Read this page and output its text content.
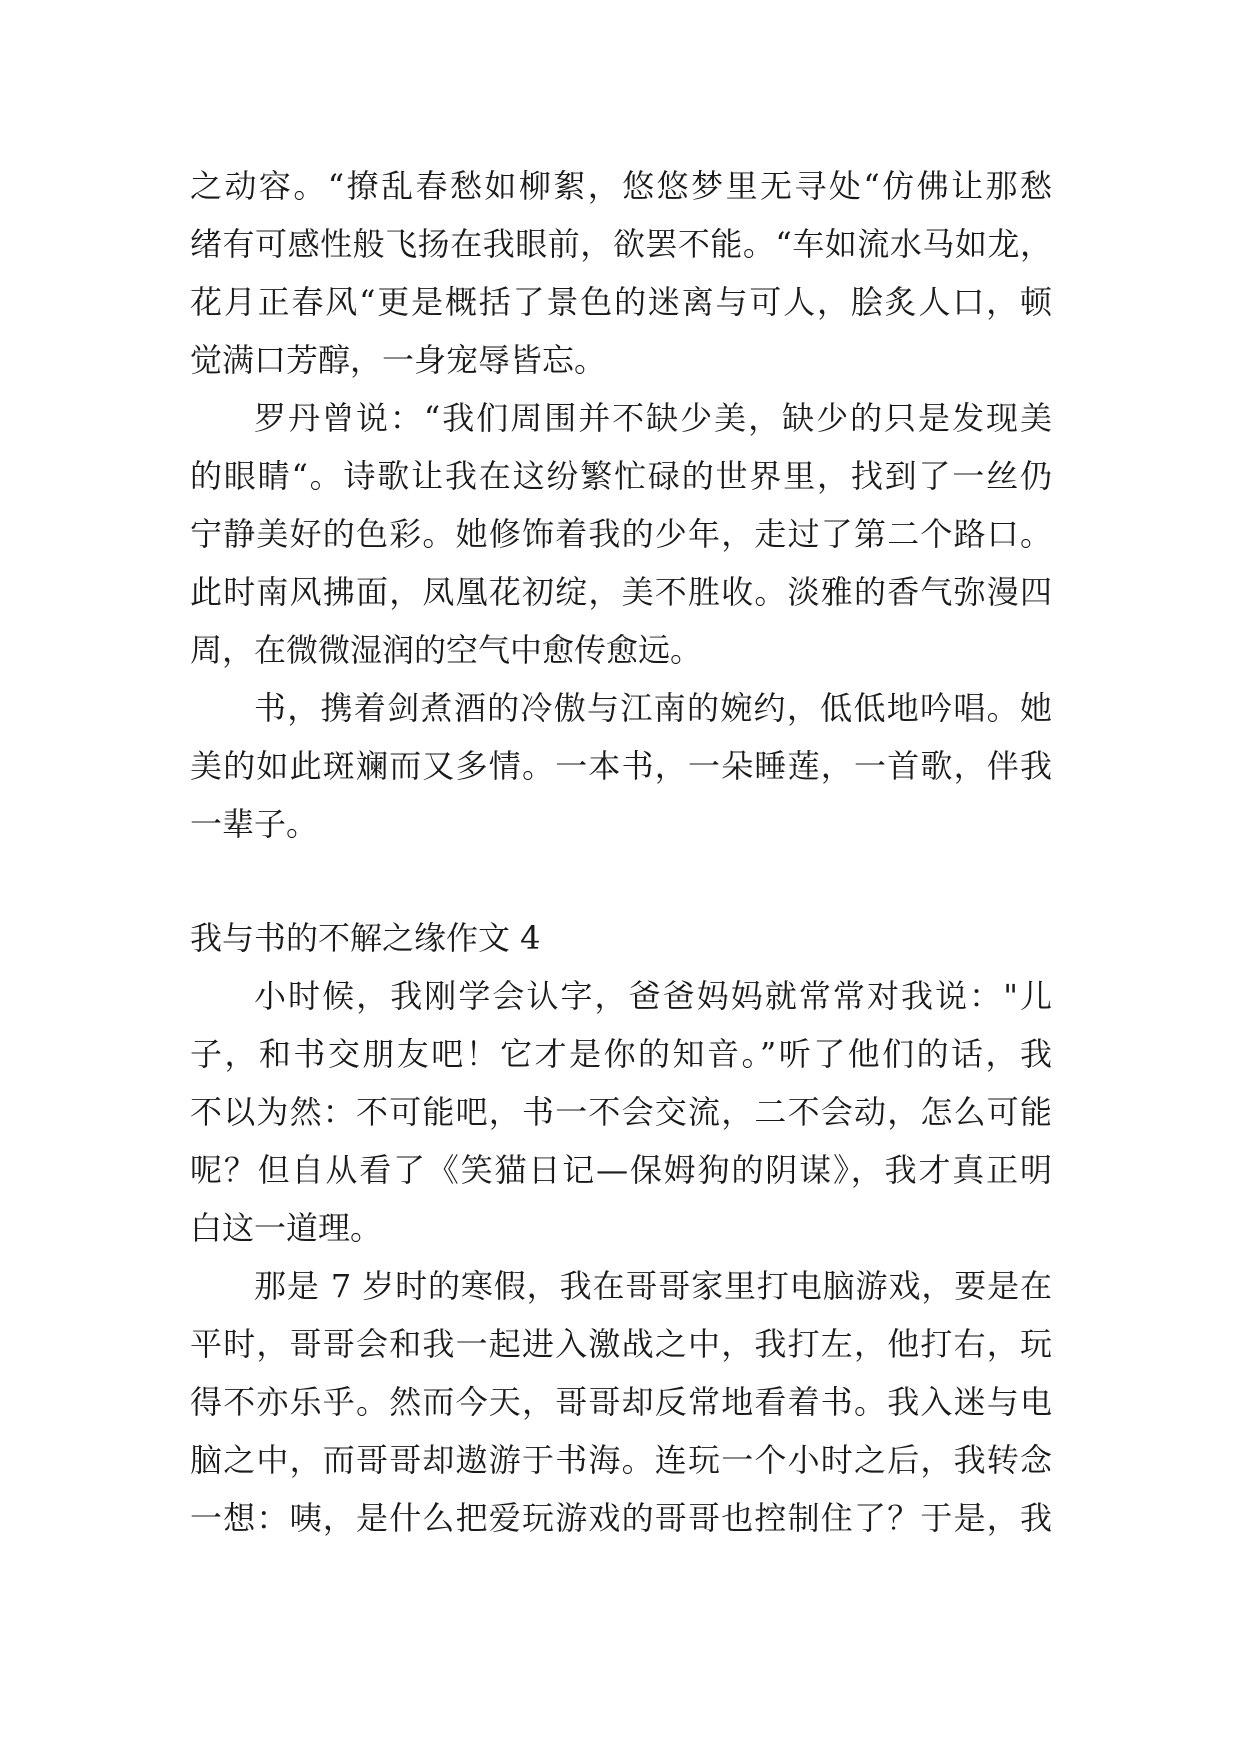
之动容。“撩乱春愁如柳絮，悠悠梦里无寻处“仿佛让那愁
绪有可感性般飞扬在我眼前，欲罢不能。“车如流水马如龙，
花月正春风“更是概括了景色的迷离与可人，脍炙人口，顿
觉满口芳醇，一身宠辱皆忘。
罗丹曾说：“我们周围并不缺少美，缺少的只是发现美
的眼睛“。诗歌让我在这纷繁忙碌的世界里，找到了一丝仍
宁静美好的色彩。她修饰着我的少年，走过了第二个路口。
此时南风拂面，凤凰花初绽，美不胜收。淡雅的香气弥漫四
周，在微微湿润的空气中愈传愈远。
书，携着剑煮酒的冷傲与江南的婉约，低低地吟唱。她
美的如此斑斓而又多情。一本书，一朵睡莲，一首歌，伴我
一辈子。
我与书的不解之缘作文 4
小时候，我刚学会认字，爸爸妈妈就常常对我说："儿
子，和书交朋友吧！它才是你的知音。”听了他们的话，我
不以为然：不可能吧，书一不会交流，二不会动，怎么可能
呢？但自从看了《笑猫日记—保姆狗的阴谋》，我才真正明
白这一道理。
那是 7 岁时的寒假，我在哥哥家里打电脑游戏，要是在
平时，哥哥会和我一起进入激战之中，我打左，他打右，玩
得不亦乐乎。然而今天，哥哥却反常地看着书。我入迷与电
脑之中，而哥哥却遨游于书海。连玩一个小时之后，我转念
一想：咦，是什么把爱玩游戏的哥哥也控制住了？于是，我
